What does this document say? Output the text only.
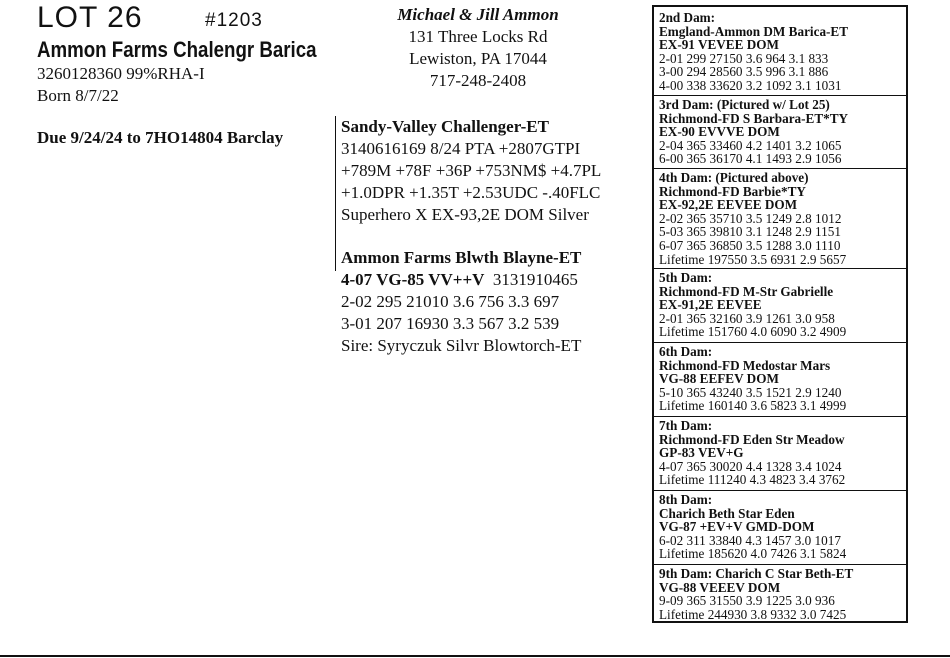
LOT 26	#1203
Ammon Farms Chalengr Barica
3260128360 99%RHA-I
Born 8/7/22
Due 9/24/24 to 7HO14804 Barclay
Michael & Jill Ammon
131 Three Locks Rd
Lewiston, PA 17044
717-248-2408
Sandy-Valley Challenger-ET
3140616169 8/24 PTA +2807GTPI
+789M +78F +36P +753NM$ +4.7PL
+1.0DPR +1.35T +2.53UDC -.40FLC
Superhero X EX-93,2E DOM Silver
Ammon Farms Blwth Blayne-ET
4-07 VG-85 VV++V 3131910465
2-02 295 21010 3.6 756 3.3 697
3-01 207 16930 3.3 567 3.2 539
Sire: Syryczuk Silvr Blowtorch-ET
2nd Dam:
Emgland-Ammon DM Barica-ET
EX-91 VEVEE DOM
2-01 299 27150 3.6 964 3.1 833
3-00 294 28560 3.5 996 3.1 886
4-00 338 33620 3.2 1092 3.1 1031
3rd Dam: (Pictured w/ Lot 25)
Richmond-FD S Barbara-ET*TY
EX-90 EVVVE DOM
2-04 365 33460 4.2 1401 3.2 1065
6-00 365 36170 4.1 1493 2.9 1056
4th Dam: (Pictured above)
Richmond-FD Barbie*TY
EX-92,2E EEVEE DOM
2-02 365 35710 3.5 1249 2.8 1012
5-03 365 39810 3.1 1248 2.9 1151
6-07 365 36850 3.5 1288 3.0 1110
Lifetime 197550 3.5 6931 2.9 5657
5th Dam:
Richmond-FD M-Str Gabrielle
EX-91,2E EEVEE
2-01 365 32160 3.9 1261 3.0 958
Lifetime 151760 4.0 6090 3.2 4909
6th Dam:
Richmond-FD Medostar Mars
VG-88 EEFEV DOM
5-10 365 43240 3.5 1521 2.9 1240
Lifetime 160140 3.6 5823 3.1 4999
7th Dam:
Richmond-FD Eden Str Meadow
GP-83 VEV+G
4-07 365 30020 4.4 1328 3.4 1024
Lifetime 111240 4.3 4823 3.4 3762
8th Dam:
Charich Beth Star Eden
VG-87 +EV+V GMD-DOM
6-02 311 33840 4.3 1457 3.0 1017
Lifetime 185620 4.0 7426 3.1 5824
9th Dam: Charich C Star Beth-ET
VG-88 VEEEV DOM
9-09 365 31550 3.9 1225 3.0 936
Lifetime 244930 3.8 9332 3.0 7425
